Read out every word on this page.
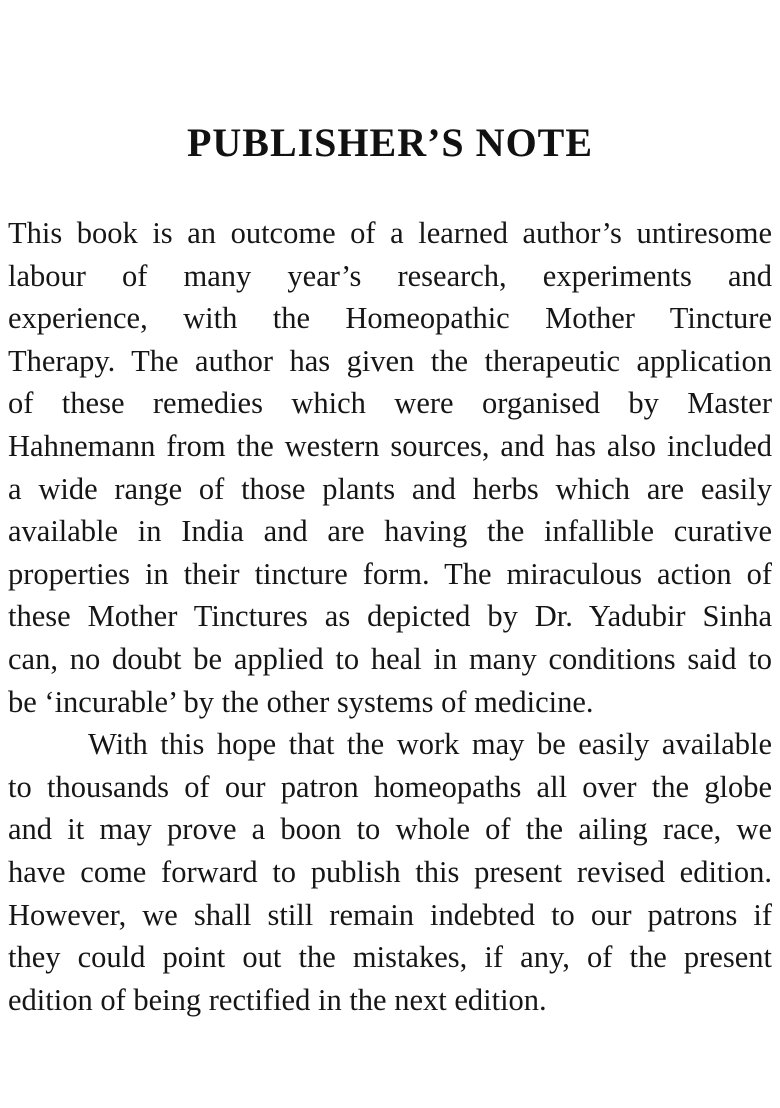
PUBLISHER’S NOTE

This book is an outcome of a learned author’s untiresome
labour of many year’s research, experiments and
experience, with the Homeopathic Mother Tincture
Therapy. The author has given the therapeutic application
of these remedies which were organised by Master
Hahnemann from the western sources, and has also included
a wide range of those plants and herbs which are easily
available in India and are having the infallible curative
properties in their tincture form. The miraculous action of
these Mother Tinctures as depicted by Dr. Yadubir Sinha
can, no doubt be applied to heal in many conditions said to
be ‘incurable’ by the other systems of medicine.

With this hope that the work may be easily available
to thousands of our patron homeopaths all over the globe
and it may prove a boon to whole of the ailing race, we
have come forward to publish this present revised edition.
However, we shall still remain indebted to our patrons if
they could point out the mistakes, if any, of the present
edition of being rectified in the next edition.
